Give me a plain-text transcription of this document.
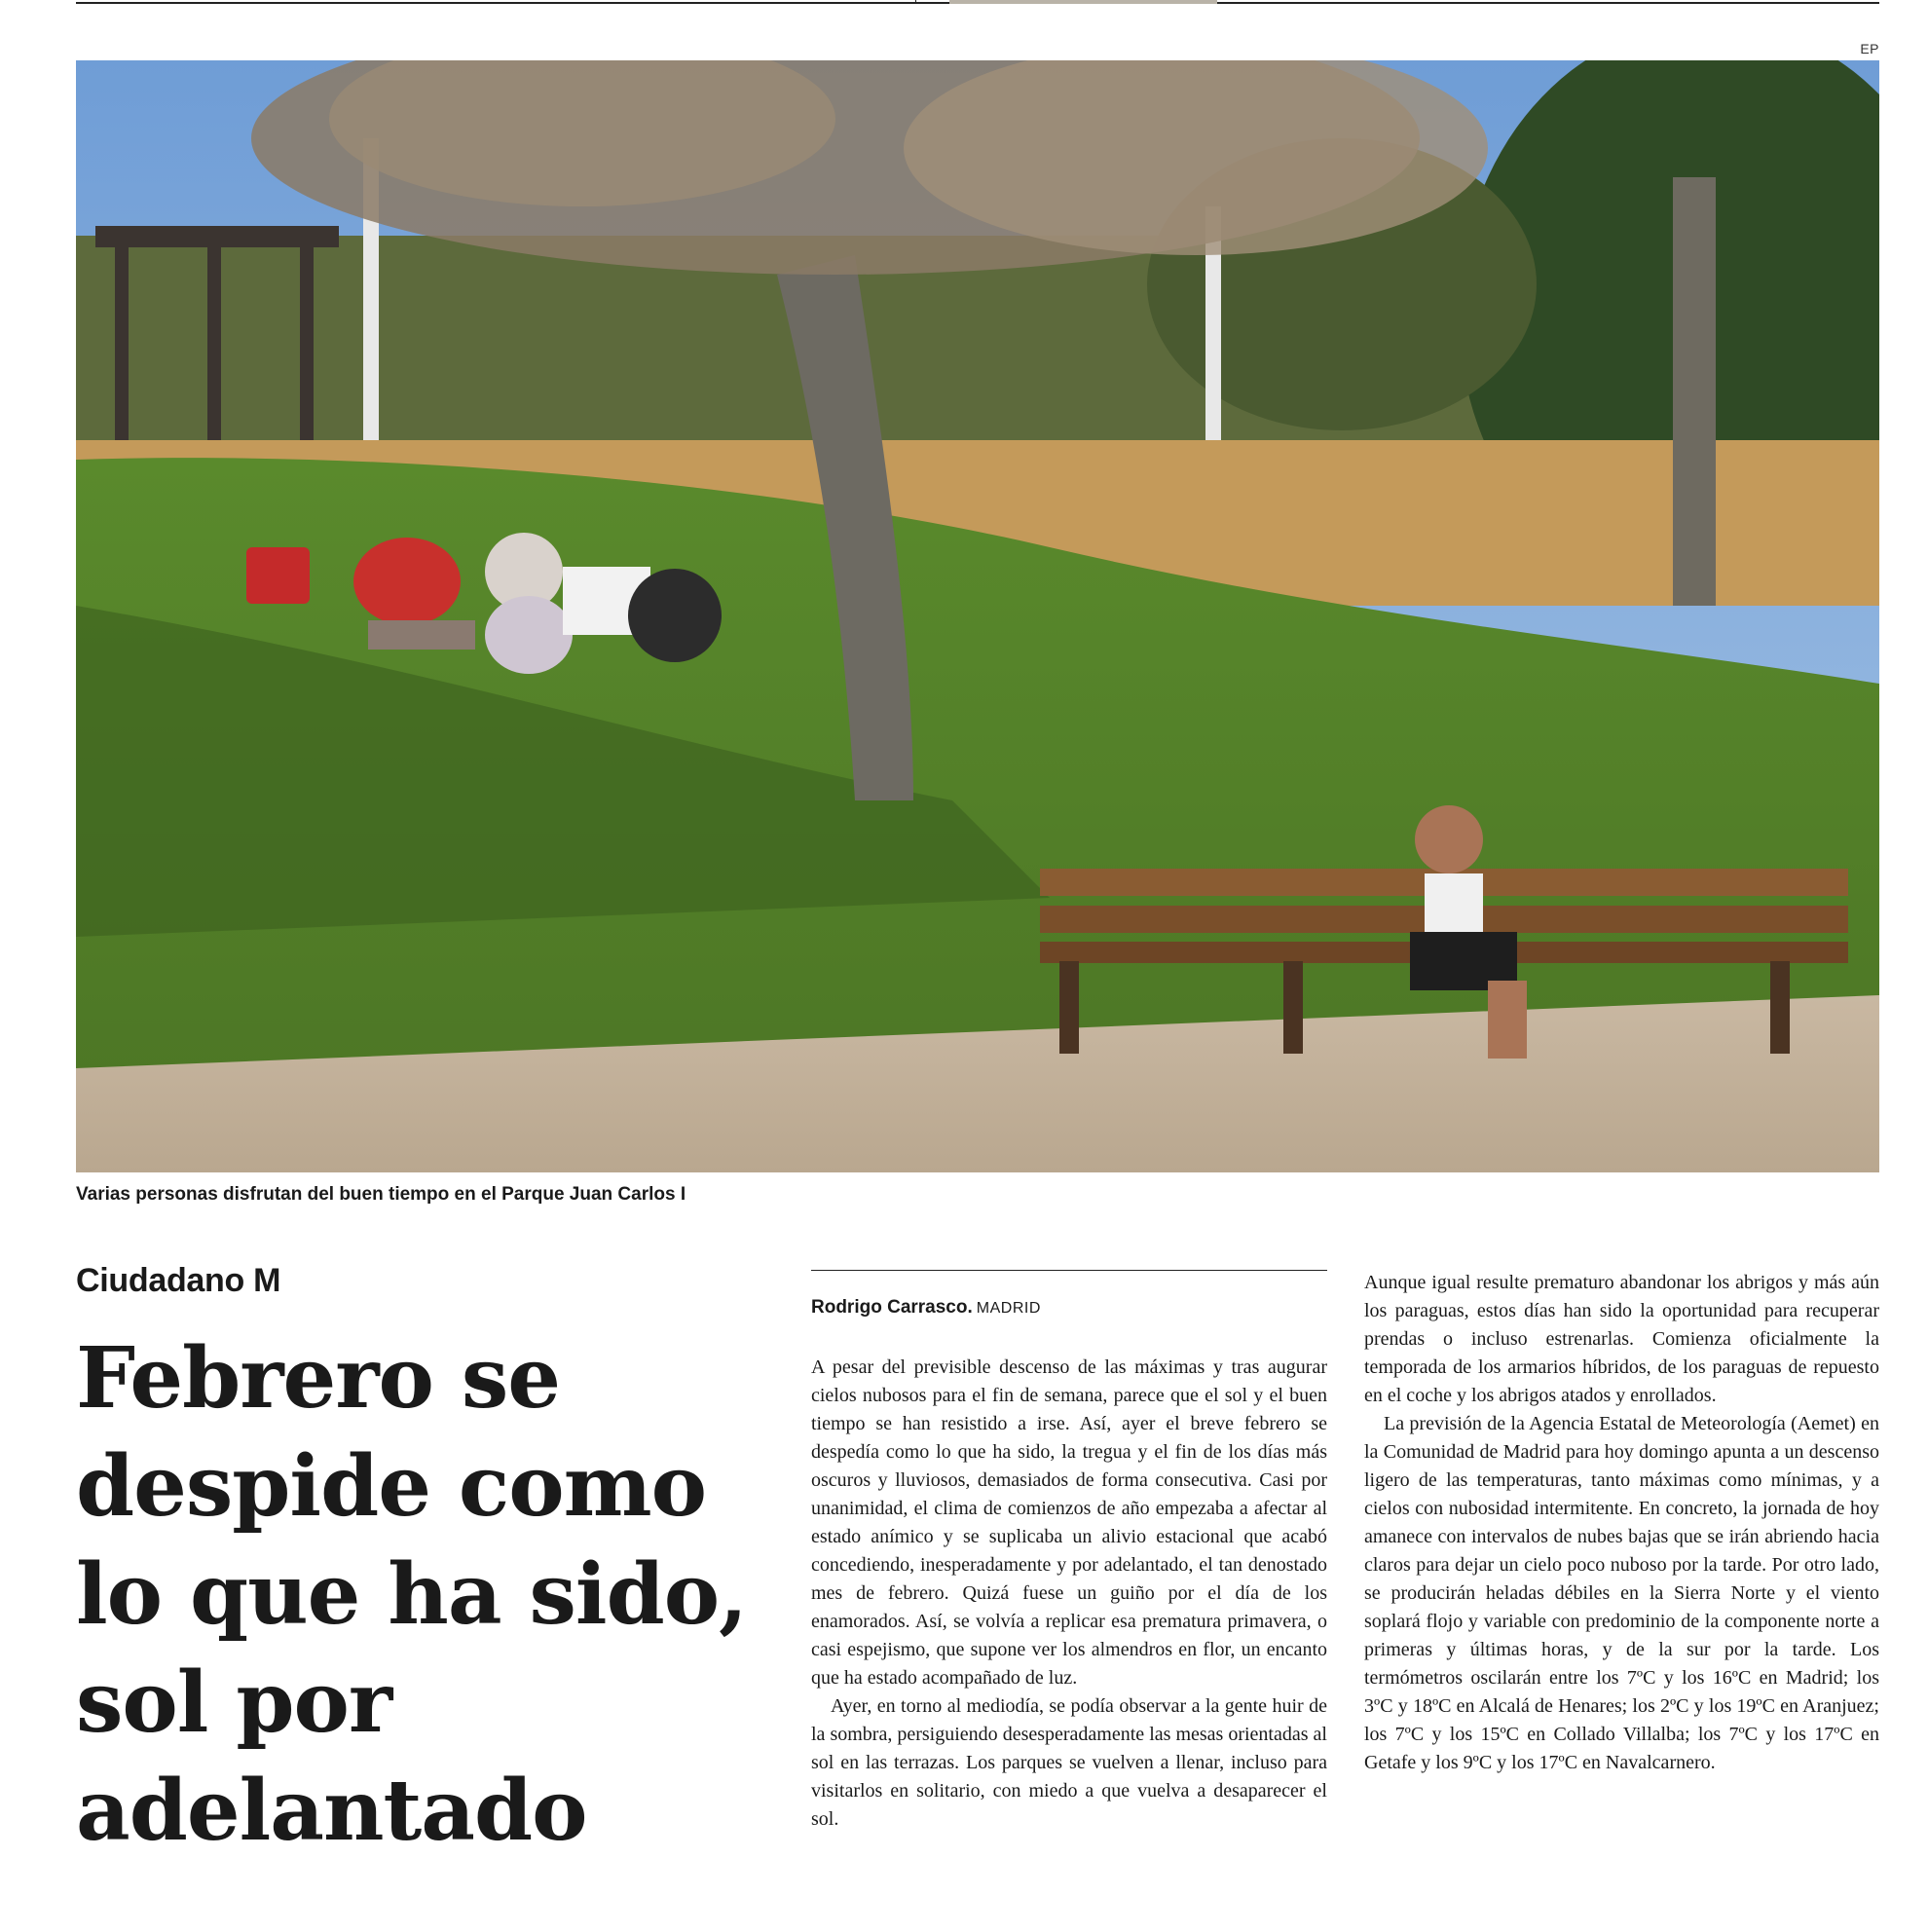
EP
Varias personas disfrutan del buen tiempo en el Parque Juan Carlos I
Ciudadano M
Febrero se despide como lo que ha sido, sol por adelantado
Rodrigo Carrasco. MADRID

A pesar del previsible descenso de las máximas y tras augurar cielos nubosos para el fin de semana, parece que el sol y el buen tiempo se han resistido a irse. Así, ayer el breve febrero se despedía como lo que ha sido, la tregua y el fin de los días más oscuros y lluviosos, demasiados de forma consecutiva. Casi por unanimidad, el clima de comienzos de año empezaba a afectar al estado anímico y se suplicaba un alivio estacional que acabó concediendo, inesperadamente y por adelantado, el tan denostado mes de febrero. Quizá fuese un guiño por el día de los enamorados. Así, se volvía a replicar esa prematura primavera, o casi espejismo, que supone ver los almendros en flor, un encanto que ha estado acompañado de luz.

Ayer, en torno al mediodía, se podía observar a la gente huir de la sombra, persiguiendo desesperadamente las mesas orientadas al sol en las terrazas. Los parques se vuelven a llenar, incluso para visitarlos en solitario, con miedo a que vuelva a desaparecer el sol.

Aunque igual resulte prematuro abandonar los abrigos y más aún los paraguas, estos días han sido la oportunidad para recuperar prendas o incluso estrenarlas. Comienza oficialmente la temporada de los armarios híbridos, de los paraguas de repuesto en el coche y los abrigos atados y enrollados.

La previsión de la Agencia Estatal de Meteorología (Aemet) en la Comunidad de Madrid para hoy domingo apunta a un descenso ligero de las temperaturas, tanto máximas como mínimas, y a cielos con nubosidad intermitente. En concreto, la jornada de hoy amanece con intervalos de nubes bajas que se irán abriendo hacia claros para dejar un cielo poco nuboso por la tarde. Por otro lado, se producirán heladas débiles en la Sierra Norte y el viento soplará flojo y variable con predominio de la componente norte a primeras y últimas horas, y de la sur por la tarde. Los termómetros oscilarán entre los 7ºC y los 16ºC en Madrid; los 3ºC y 18ºC en Alcalá de Henares; los 2ºC y los 19ºC en Aranjuez; los 7ºC y los 15ºC en Collado Villalba; los 7ºC y los 17ºC en Getafe y los 9ºC y los 17ºC en Navalcarnero.
